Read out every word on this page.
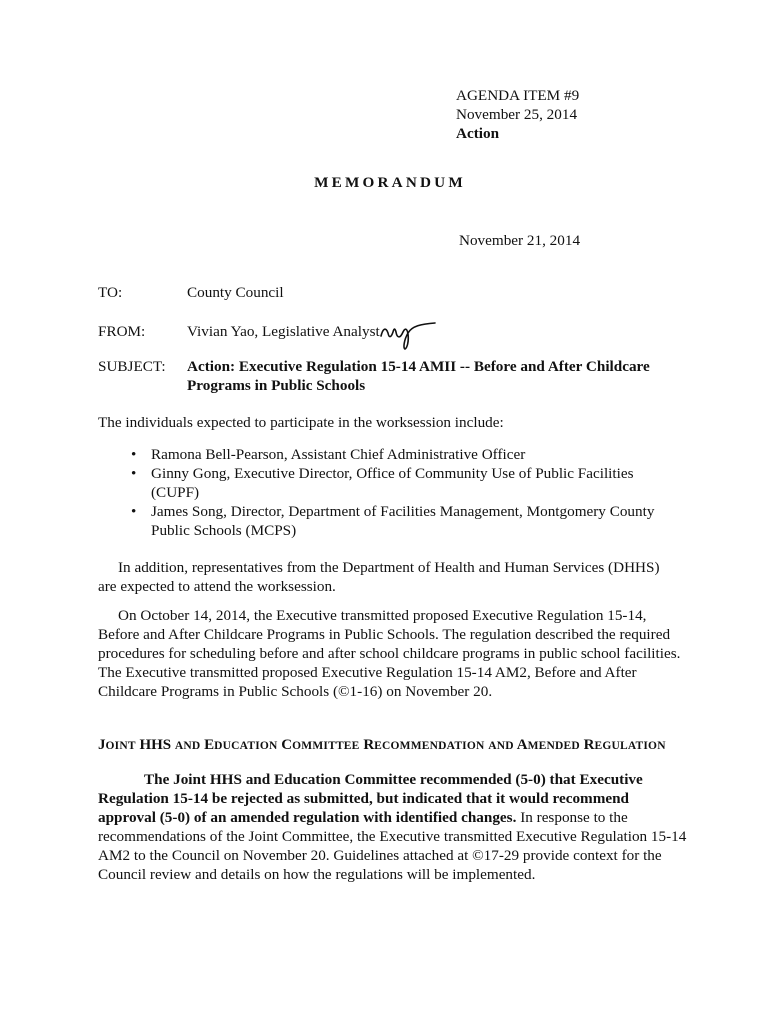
AGENDA ITEM #9
November 25, 2014
Action
MEMORANDUM
November 21, 2014
TO:	County Council
FROM:	Vivian Yao, Legislative Analyst
SUBJECT: Action: Executive Regulation 15-14 AMII -- Before and After Childcare
Programs in Public Schools
The individuals expected to participate in the worksession include:
• Ramona Bell-Pearson, Assistant Chief Administrative Officer
• Ginny Gong, Executive Director, Office of Community Use of Public Facilities
(CUPF)
• James Song, Director, Department of Facilities Management, Montgomery County
Public Schools (MCPS)
In addition, representatives from the Department of Health and Human Services (DHHS)
are expected to attend the worksession.
On October 14, 2014, the Executive transmitted proposed Executive Regulation 15-14,
Before and After Childcare Programs in Public Schools. The regulation described the required
procedures for scheduling before and after school childcare programs in public school facilities.
The Executive transmitted proposed Executive Regulation 15-14 AM2, Before and After
Childcare Programs in Public Schools (©1-16) on November 20.
JOINT HHS AND EDUCATION COMMITTEE RECOMMENDATION AND AMENDED REGULATION
The Joint HHS and Education Committee recommended (5-0) that Executive
Regulation 15-14 be rejected as submitted, but indicated that it would recommend
approval (5-0) of an amended regulation with identified changes. In response to the
recommendations of the Joint Committee, the Executive transmitted Executive Regulation 15-14
AM2 to the Council on November 20. Guidelines attached at ©17-29 provide context for the
Council review and details on how the regulations will be implemented.
